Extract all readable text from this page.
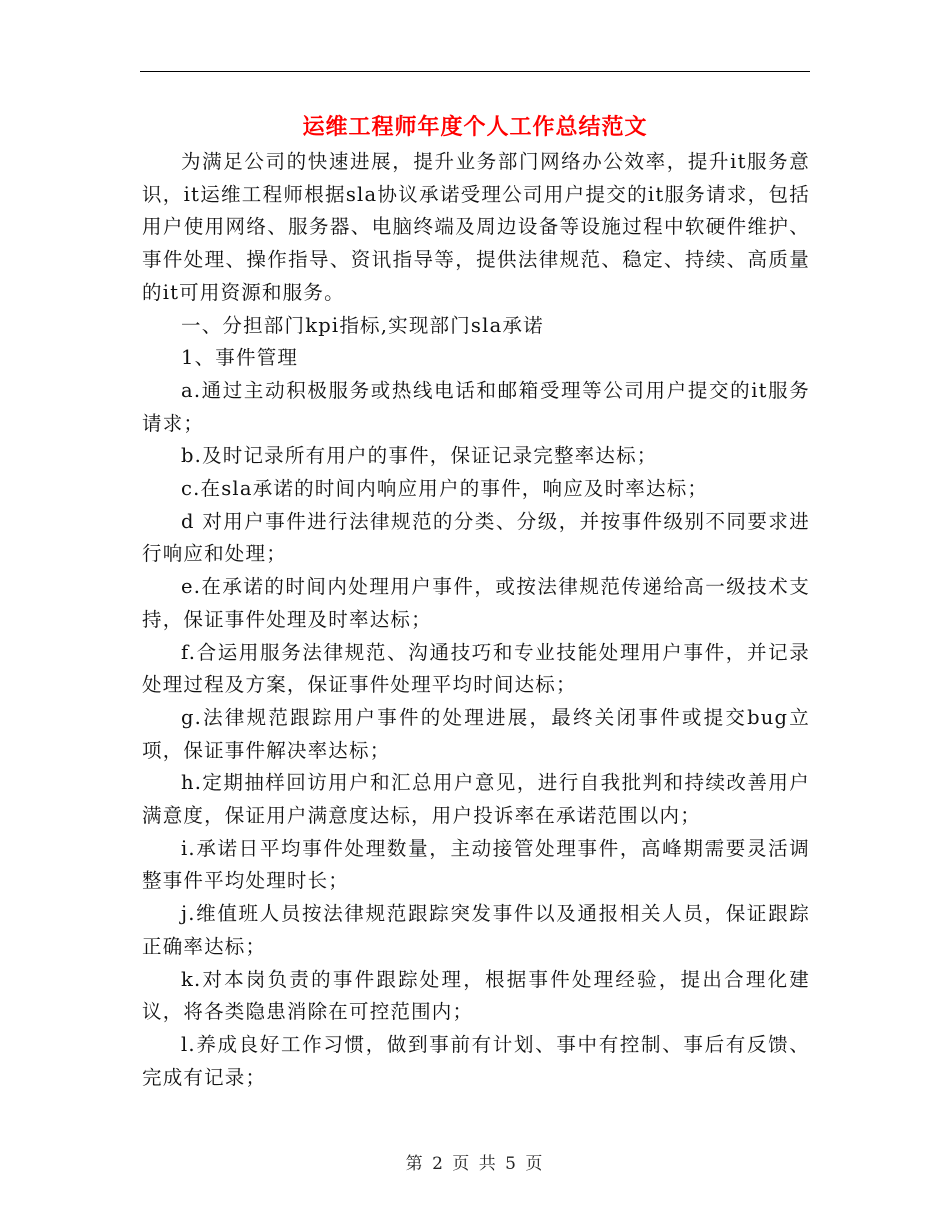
运维工程师年度个人工作总结范文

为满足公司的快速进展，提升业务部门网络办公效率，提升it服务意识，it运维工程师根据sla协议承诺受理公司用户提交的it服务请求，包括用户使用网络、服务器、电脑终端及周边设备等设施过程中软硬件维护、事件处理、操作指导、资讯指导等，提供法律规范、稳定、持续、高质量的it可用资源和服务。

一、分担部门kpi指标,实现部门sla承诺

1、事件管理

a.通过主动积极服务或热线电话和邮箱受理等公司用户提交的it服务请求；

b.及时记录所有用户的事件，保证记录完整率达标；

c.在sla承诺的时间内响应用户的事件，响应及时率达标；

d 对用户事件进行法律规范的分类、分级，并按事件级别不同要求进行响应和处理；

e.在承诺的时间内处理用户事件，或按法律规范传递给高一级技术支持，保证事件处理及时率达标；

f.合运用服务法律规范、沟通技巧和专业技能处理用户事件，并记录处理过程及方案，保证事件处理平均时间达标；

g.法律规范跟踪用户事件的处理进展，最终关闭事件或提交bug立项，保证事件解决率达标；

h.定期抽样回访用户和汇总用户意见，进行自我批判和持续改善用户满意度，保证用户满意度达标，用户投诉率在承诺范围以内；

i.承诺日平均事件处理数量，主动接管处理事件，高峰期需要灵活调整事件平均处理时长；

j.维值班人员按法律规范跟踪突发事件以及通报相关人员，保证跟踪正确率达标；

k.对本岗负责的事件跟踪处理，根据事件处理经验，提出合理化建议，将各类隐患消除在可控范围内；

l.养成良好工作习惯，做到事前有计划、事中有控制、事后有反馈、完成有记录；

第 2 页 共 5 页
